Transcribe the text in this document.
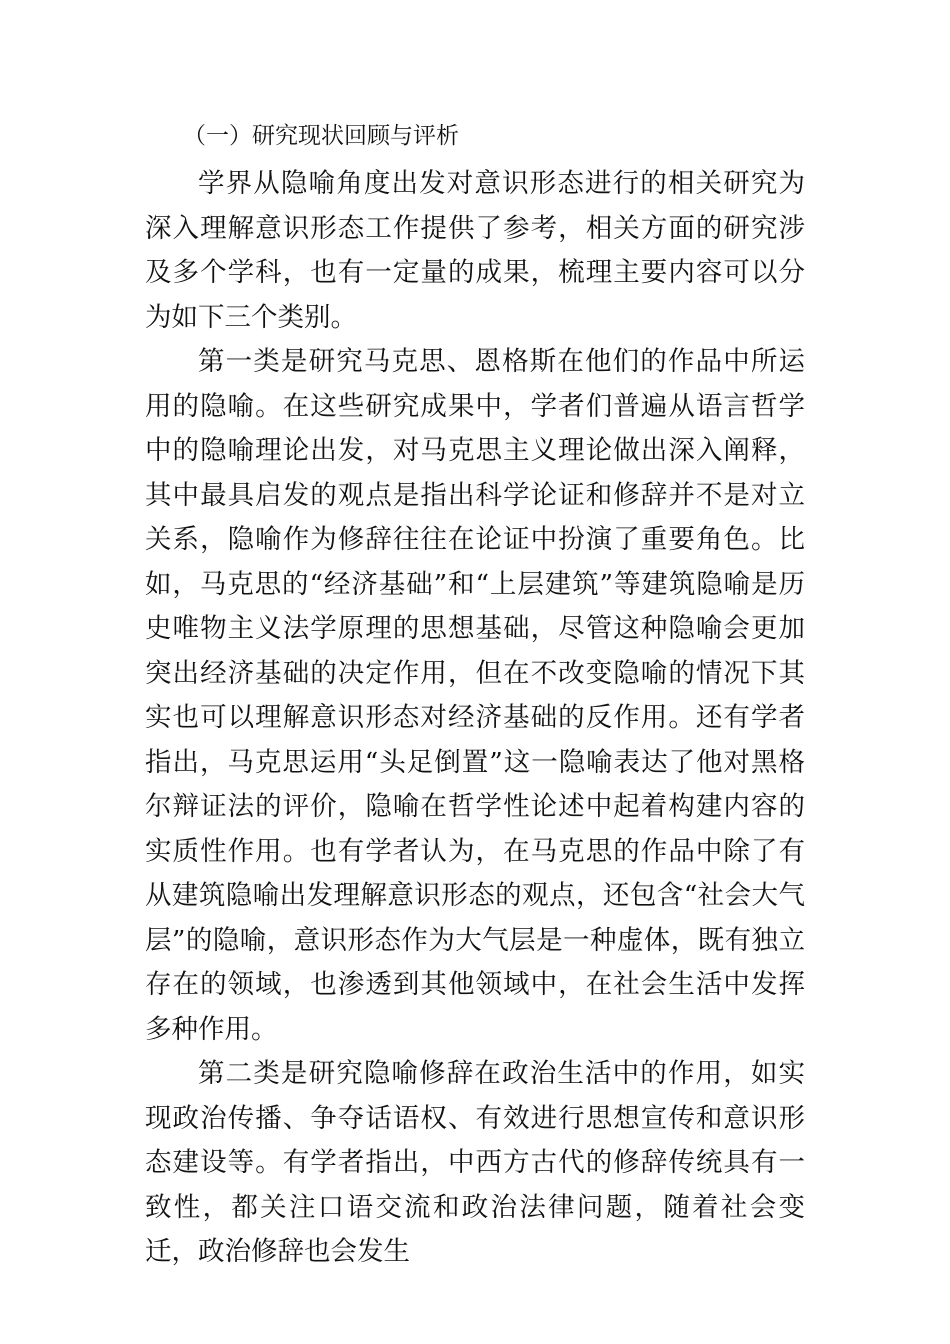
（一）研究现状回顾与评析

学界从隐喻角度出发对意识形态进行的相关研究为深入理解意识形态工作提供了参考，相关方面的研究涉及多个学科，也有一定量的成果，梳理主要内容可以分为如下三个类别。

第一类是研究马克思、恩格斯在他们的作品中所运用的隐喻。在这些研究成果中，学者们普遍从语言哲学中的隐喻理论出发，对马克思主义理论做出深入阐释，其中最具启发的观点是指出科学论证和修辞并不是对立关系，隐喻作为修辞往往在论证中扮演了重要角色。比如，马克思的“经济基础”和“上层建筑”等建筑隐喻是历史唯物主义法学原理的思想基础，尽管这种隐喻会更加突出经济基础的决定作用，但在不改变隐喻的情况下其实也可以理解意识形态对经济基础的反作用。还有学者指出，马克思运用“头足倒置”这一隐喻表达了他对黑格尔辩证法的评价，隐喻在哲学性论述中起着构建内容的实质性作用。也有学者认为，在马克思的作品中除了有从建筑隐喻出发理解意识形态的观点，还包含“社会大气层”的隐喻，意识形态作为大气层是一种虚体，既有独立存在的领域，也渗透到其他领域中，在社会生活中发挥多种作用。

第二类是研究隐喻修辞在政治生活中的作用，如实现政治传播、争夺话语权、有效进行思想宣传和意识形态建设等。有学者指出，中西方古代的修辞传统具有一致性，都关注口语交流和政治法律问题，随着社会变迁，政治修辞也会发生
